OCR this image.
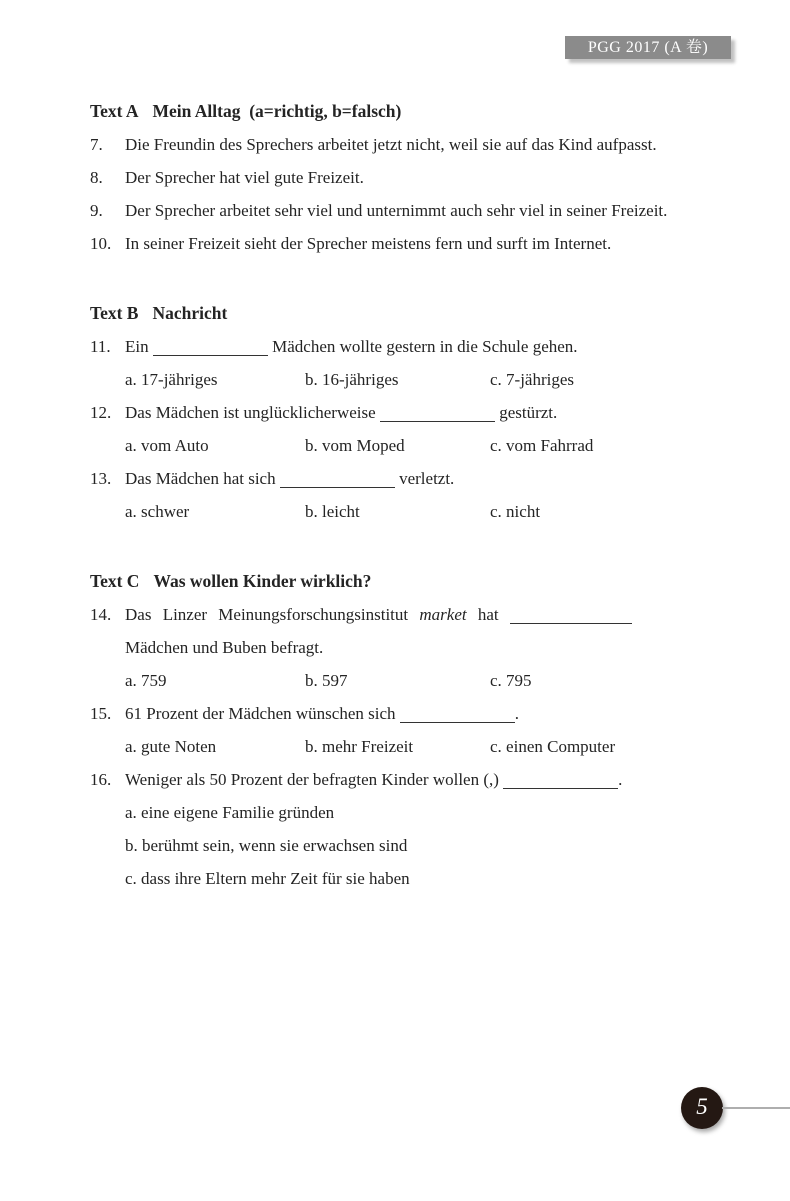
PGG 2017 (A 卷)
Text A Mein Alltag  (a=richtig, b=falsch)
7.	Die Freundin des Sprechers arbeitet jetzt nicht, weil sie auf das Kind aufpasst.
8.	Der Sprecher hat viel gute Freizeit.
9.	Der Sprecher arbeitet sehr viel und unternimmt auch sehr viel in seiner Freizeit.
10. In seiner Freizeit sieht der Sprecher meistens fern und surft im Internet.
Text B Nachricht
11. Ein	Mädchen wollte gestern in die Schule gehen.
a. 17-jähriges	b. 16-jähriges	c. 7-jähriges
12. Das Mädchen ist unglücklicherweise	gestürzt.
a. vom Auto	b. vom Moped	c. vom Fahrrad
13. Das Mädchen hat sich	verletzt.
a. schwer	b. leicht	c. nicht
Text C Was wollen Kinder wirklich?
14. Das Linzer Meinungsforschungsinstitut market hat
Mädchen und Buben befragt.
a. 759	b. 597	c. 795
15. 61 Prozent der Mädchen wünschen sich	.
a. gute Noten	b. mehr Freizeit	c. einen Computer
16. Weniger als 50 Prozent der befragten Kinder wollen (,)	.
a. eine eigene Familie gründen
b. berühmt sein, wenn sie erwachsen sind
c. dass ihre Eltern mehr Zeit für sie haben
5
